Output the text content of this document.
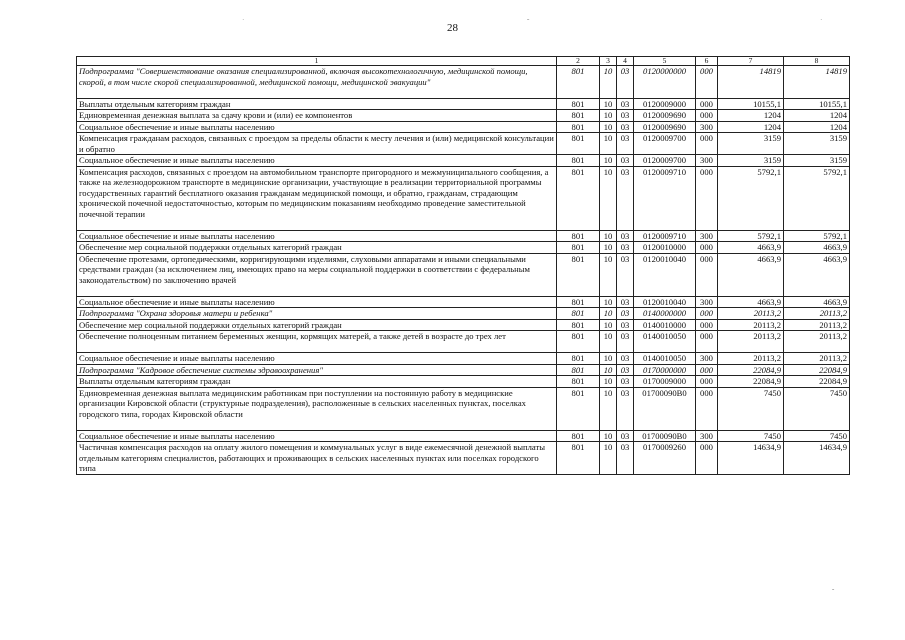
28
˙	ˇ	˙
˘
1	2	3	4	5	6	7	8
Подпрограмма "Совершенствование оказания специализированной, включая высокотехнологичную, медицинской помощи, скорой, в том числе скорой специализированной, медицинской помощи, медицинской эвакуации"	801	10	03	0120000000	000	14819	14819
Выплаты отдельным категориям граждан	801	10	03	0120009000	000	10155,1	10155,1
Единовременная денежная выплата за сдачу крови и (или) ее компонентов	801	10	03	0120009690	000	1204	1204
Социальное обеспечение и иные выплаты населению	801	10	03	0120009690	300	1204	1204
Компенсация гражданам расходов, связанных с проездом за пределы области к месту лечения и (или) медицинской консультации и обратно	801	10	03	0120009700	000	3159	3159
Социальное обеспечение и иные выплаты населению	801	10	03	0120009700	300	3159	3159
Компенсация расходов, связанных с проездом на автомобильном транспорте пригородного и межмуниципального сообщения, а также на железнодорожном транспорте в медицинские организации, участвующие в реализации территориальной программы государственных гарантий бесплатного оказания гражданам медицинской помощи, и обратно, гражданам, страдающим хронической почечной недостаточностью, которым по медицинским показаниям необходимо проведение заместительной почечной терапии	801	10	03	0120009710	000	5792,1	5792,1
Социальное обеспечение и иные выплаты населению	801	10	03	0120009710	300	5792,1	5792,1
Обеспечение мер социальной поддержки отдельных категорий граждан	801	10	03	0120010000	000	4663,9	4663,9
Обеспечение протезами, ортопедическими, корригирующими изделиями, слуховыми аппаратами и иными специальными средствами граждан (за исключением лиц, имеющих право на меры социальной поддержки в соответствии с федеральным законодательством) по заключению врачей	801	10	03	0120010040	000	4663,9	4663,9
Социальное обеспечение и иные выплаты населению	801	10	03	0120010040	300	4663,9	4663,9
Подпрограмма "Охрана здоровья матери и ребенка"	801	10	03	0140000000	000	20113,2	20113,2
Обеспечение мер социальной поддержки отдельных категорий граждан	801	10	03	0140010000	000	20113,2	20113,2
Обеспечение полноценным питанием беременных женщин, кормящих матерей, а также детей в возрасте до трех лет	801	10	03	0140010050	000	20113,2	20113,2
Социальное обеспечение и иные выплаты населению	801	10	03	0140010050	300	20113,2	20113,2
Подпрограмма "Кадровое обеспечение системы здравоохранения"	801	10	03	0170000000	000	22084,9	22084,9
Выплаты отдельным категориям граждан	801	10	03	0170009000	000	22084,9	22084,9
Единовременная денежная выплата медицинским работникам при поступлении на постоянную работу в медицинские организации Кировской области (структурные подразделения), расположенные в сельских населенных пунктах, поселках городского типа, городах Кировской области	801	10	03	01700090В0	000	7450	7450
Социальное обеспечение и иные выплаты населению	801	10	03	01700090В0	300	7450	7450
Частичная компенсация расходов на оплату жилого помещения и коммунальных услуг в виде ежемесячной денежной выплаты отдельным категориям специалистов, работающих и проживающих в сельских населенных пунктах или поселках городского типа	801	10	03	0170009260	000	14634,9	14634,9
